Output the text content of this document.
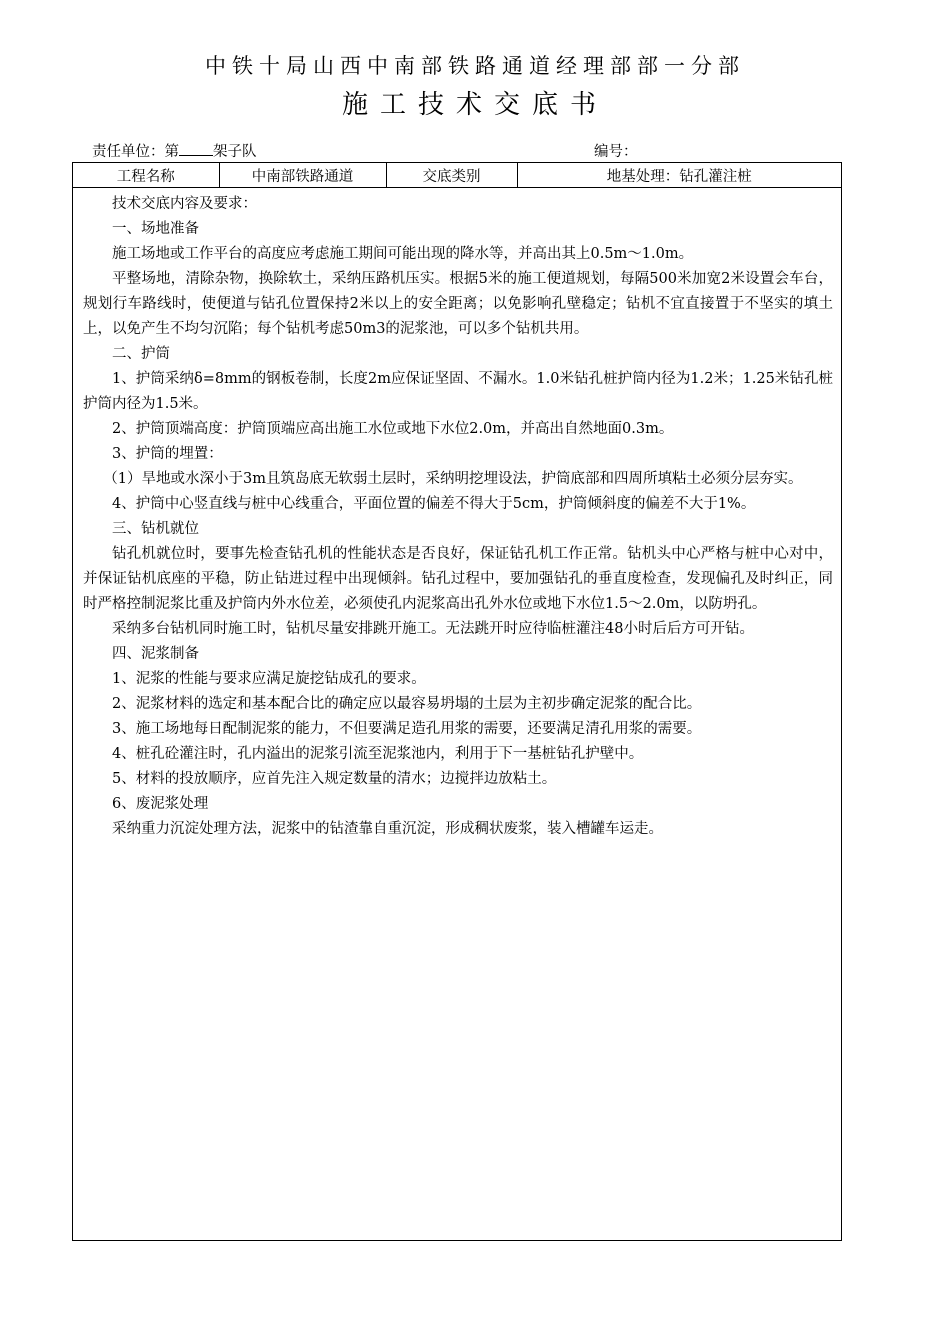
中铁十局山西中南部铁路通道经理部部一分部
施工技术交底书
责任单位：第 架子队	编号：
工程名称	中南部铁路通道	交底类别	地基处理：钻孔灌注桩

技术交底内容及要求：

一、场地准备

施工场地或工作平台的高度应考虑施工期间可能出现的降水等，并高出其上0.5m～1.0m。

平整场地，清除杂物，换除软土，采纳压路机压实。根据5米的施工便道规划，每隔500米加宽2米设置会车台，规划行车路线时，使便道与钻孔位置保持2米以上的安全距离；以免影响孔壁稳定；钻机不宜直接置于不坚实的填土上，以免产生不均匀沉陷；每个钻机考虑50m3的泥浆池，可以多个钻机共用。

二、护筒

1、护筒采纳δ=8mm的钢板卷制，长度2m应保证坚固、不漏水。1.0米钻孔桩护筒内径为1.2米；1.25米钻孔桩护筒内径为1.5米。

2、护筒顶端高度：护筒顶端应高出施工水位或地下水位2.0m，并高出自然地面0.3m。

3、护筒的埋置：

（1）旱地或水深小于3m且筑岛底无软弱土层时，采纳明挖埋设法，护筒底部和四周所填粘土必须分层夯实。

4、护筒中心竖直线与桩中心线重合，平面位置的偏差不得大于5cm，护筒倾斜度的偏差不大于1%。

三、钻机就位

钻孔机就位时，要事先检查钻孔机的性能状态是否良好，保证钻孔机工作正常。钻机头中心严格与桩中心对中，并保证钻机底座的平稳，防止钻进过程中出现倾斜。钻孔过程中，要加强钻孔的垂直度检查，发现偏孔及时纠正，同时严格控制泥浆比重及护筒内外水位差，必须使孔内泥浆高出孔外水位或地下水位1.5～2.0m，以防坍孔。

采纳多台钻机同时施工时，钻机尽量安排跳开施工。无法跳开时应待临桩灌注48小时后后方可开钻。

四、泥浆制备

1、泥浆的性能与要求应满足旋挖钻成孔的要求。

2、泥浆材料的选定和基本配合比的确定应以最容易坍塌的土层为主初步确定泥浆的配合比。

3、施工场地每日配制泥浆的能力，不但要满足造孔用浆的需要，还要满足清孔用浆的需要。

4、桩孔砼灌注时，孔内溢出的泥浆引流至泥浆池内，利用于下一基桩钻孔护壁中。

5、材料的投放顺序，应首先注入规定数量的清水；边搅拌边放粘土。

6、废泥浆处理

采纳重力沉淀处理方法，泥浆中的钻渣靠自重沉淀，形成稠状废浆，装入槽罐车运走。
